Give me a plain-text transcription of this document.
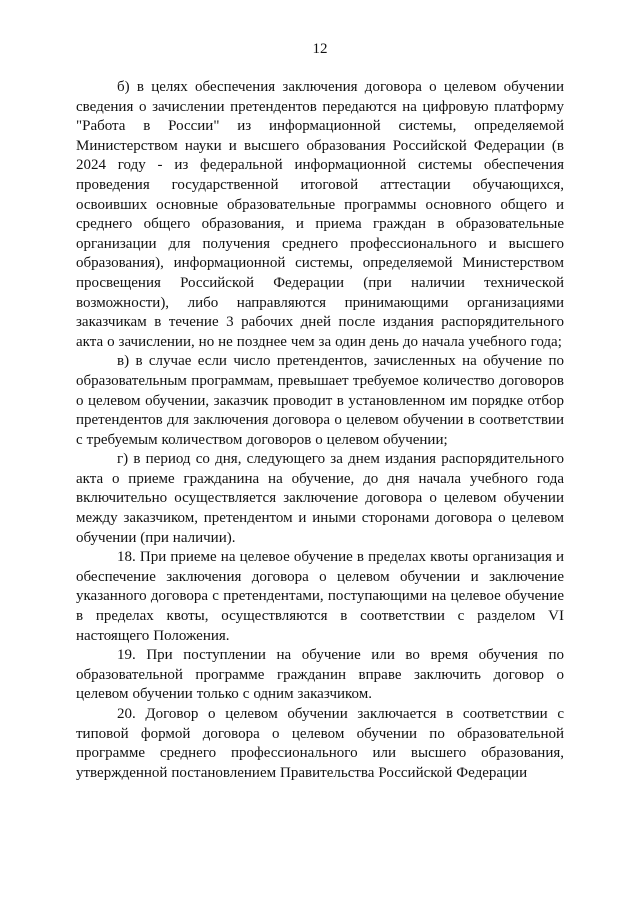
12

б) в целях обеспечения заключения договора о целевом обучении сведения о зачислении претендентов передаются на цифровую платформу "Работа в России" из информационной системы, определяемой Министерством науки и высшего образования Российской Федерации (в 2024 году - из федеральной информационной системы обеспечения проведения государственной итоговой аттестации обучающихся, освоивших основные образовательные программы основного общего и среднего общего образования, и приема граждан в образовательные организации для получения среднего профессионального и высшего образования), информационной системы, определяемой Министерством просвещения Российской Федерации (при наличии технической возможности), либо направляются принимающими организациями заказчикам в течение 3 рабочих дней после издания распорядительного акта о зачислении, но не позднее чем за один день до начала учебного года;

в) в случае если число претендентов, зачисленных на обучение по образовательным программам, превышает требуемое количество договоров о целевом обучении, заказчик проводит в установленном им порядке отбор претендентов для заключения договора о целевом обучении в соответствии с требуемым количеством договоров о целевом обучении;

г) в период со дня, следующего за днем издания распорядительного акта о приеме гражданина на обучение, до дня начала учебного года включительно осуществляется заключение договора о целевом обучении между заказчиком, претендентом и иными сторонами договора о целевом обучении (при наличии).

18. При приеме на целевое обучение в пределах квоты организация и обеспечение заключения договора о целевом обучении и заключение указанного договора с претендентами, поступающими на целевое обучение в пределах квоты, осуществляются в соответствии с разделом VI настоящего Положения.

19. При поступлении на обучение или во время обучения по образовательной программе гражданин вправе заключить договор о целевом обучении только с одним заказчиком.

20. Договор о целевом обучении заключается в соответствии с типовой формой договора о целевом обучении по образовательной программе среднего профессионального или высшего образования, утвержденной постановлением Правительства Российской Федерации
